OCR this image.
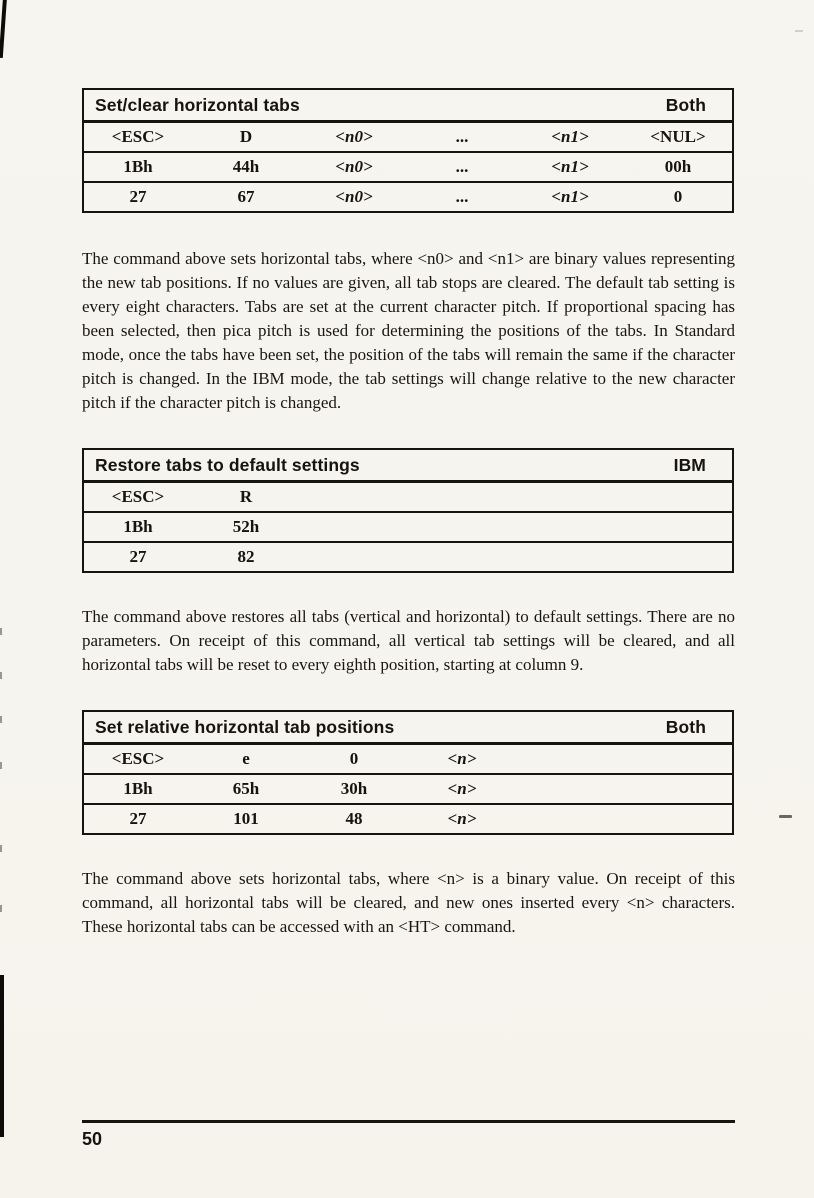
Set/clear horizontal tabs	Both
<ESC>	D	<n0>	...	<n1>	<NUL>
1Bh	44h	<n0>	...	<n1>	00h
27	67	<n0>	...	<n1>	0

The command above sets horizontal tabs, where <n0> and <n1> are binary values representing the new tab positions. If no values are given, all tab stops are cleared. The default tab setting is every eight characters. Tabs are set at the current character pitch. If proportional spacing has been selected, then pica pitch is used for determining the positions of the tabs. In Standard mode, once the tabs have been set, the position of the tabs will remain the same if the character pitch is changed. In the IBM mode, the tab settings will change relative to the new character pitch if the character pitch is changed.

Restore tabs to default settings	IBM
<ESC>	R
1Bh	52h
27	82

The command above restores all tabs (vertical and horizontal) to default settings. There are no parameters. On receipt of this command, all vertical tab settings will be cleared, and all horizontal tabs will be reset to every eighth position, starting at column 9.

Set relative horizontal tab positions	Both
<ESC>	e	0	<n>
1Bh	65h	30h	<n>
27	101	48	<n>

The command above sets horizontal tabs, where <n> is a binary value. On receipt of this command, all horizontal tabs will be cleared, and new ones inserted every <n> characters. These horizontal tabs can be accessed with an <HT> command.

50
